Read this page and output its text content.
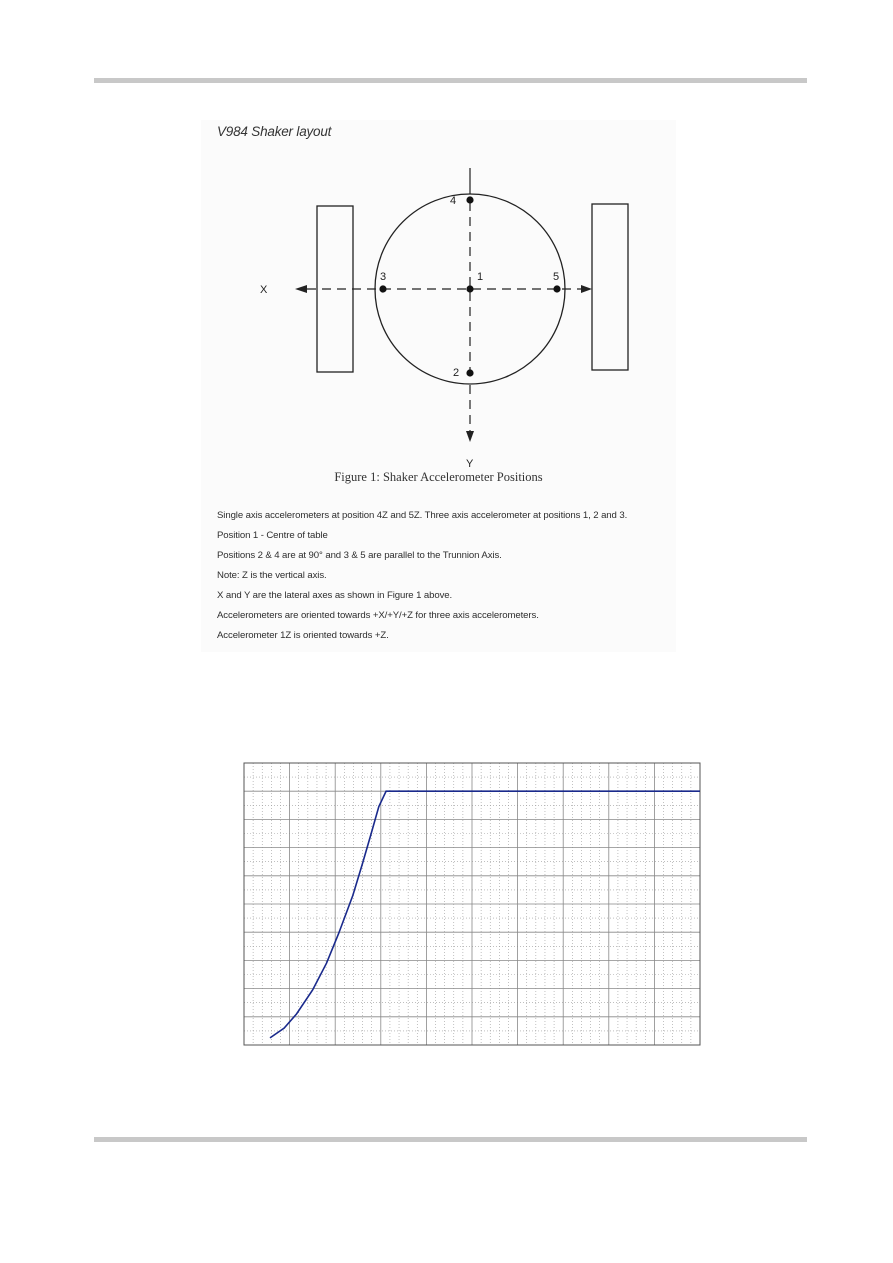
1
2
3
4
5
X
Y

V984 Shaker layout

Figure 1: Shaker Accelerometer Positions

Single axis accelerometers at position 4Z and 5Z. Three axis accelerometer at positions 1, 2 and 3.
Position 1 - Centre of table
Positions 2 & 4 are at 90° and 3 & 5 are parallel to the Trunnion Axis.
Note: Z is the vertical axis.
X and Y are the lateral axes as shown in Figure 1 above.
Accelerometers are oriented towards +X/+Y/+Z for three axis accelerometers.
Accelerometer 1Z is oriented towards +Z.
